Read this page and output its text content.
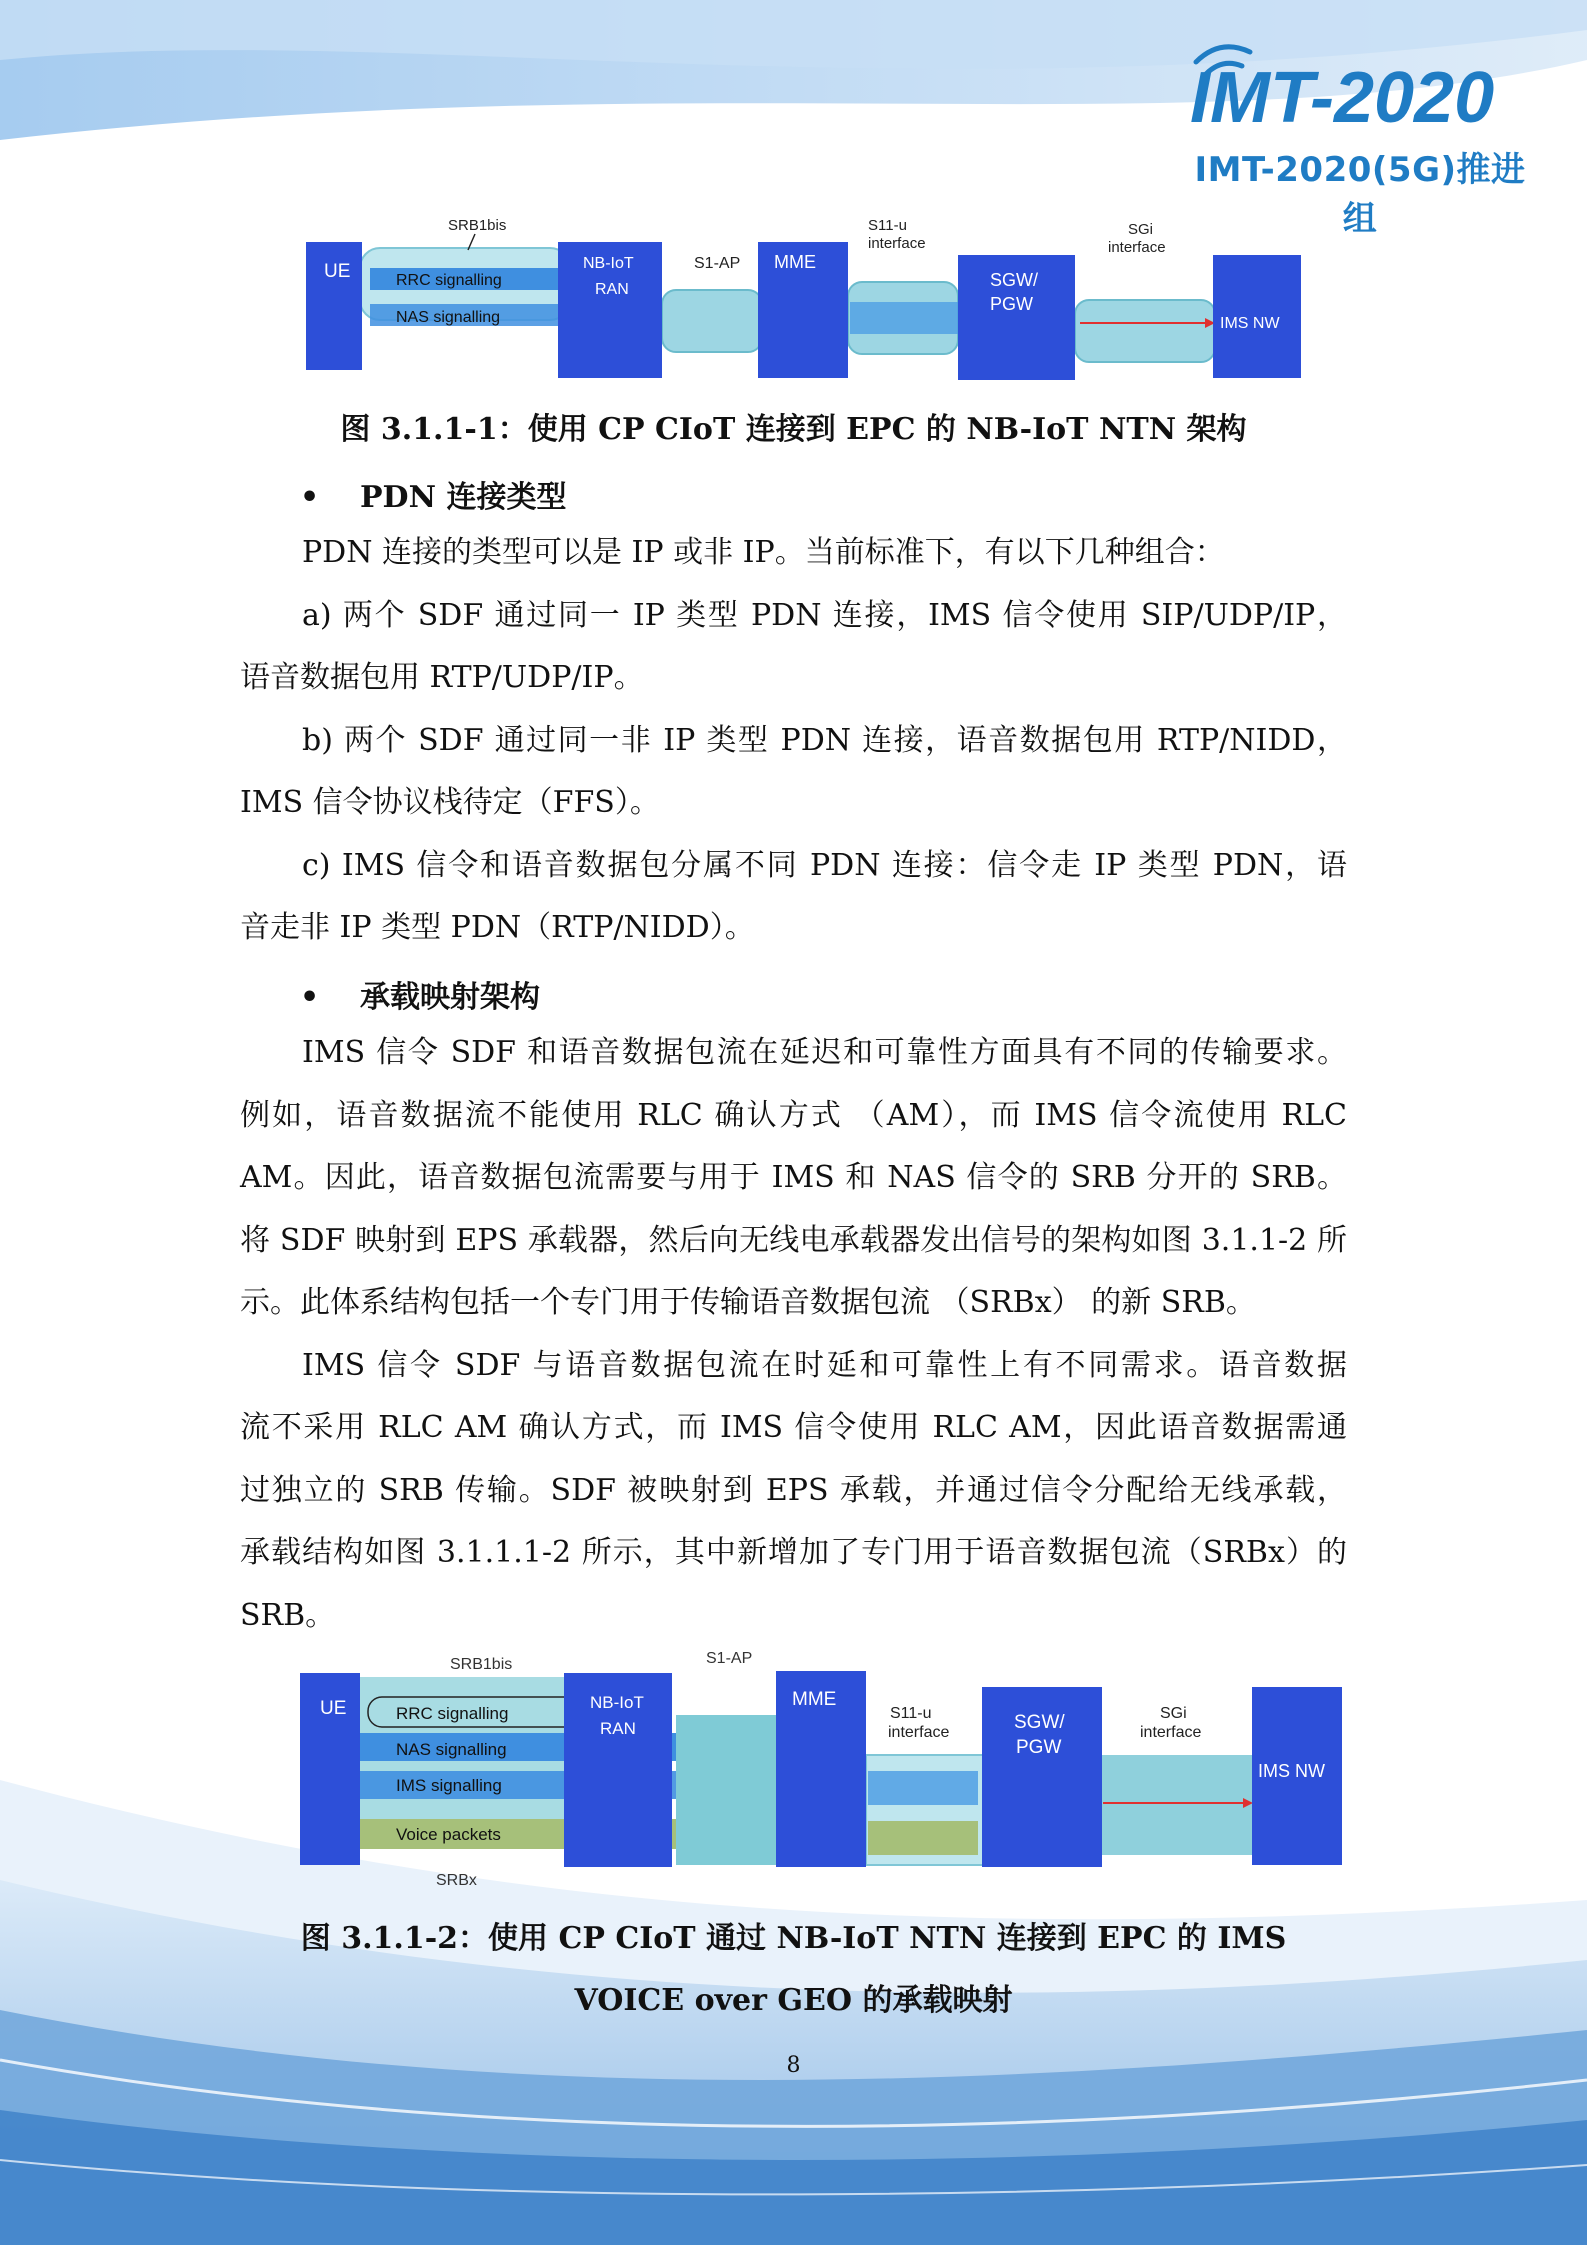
IMT-2020
IMT-2020(5G)推进组
UE	NB-IoT
RAN
MME
SGW/
PGW
IMS NW
SRB1bis
RRC signalling
NAS signalling
S1-AP
S11-u
interface
SGi
interface
图 3.1.1-1：使用 CP CIoT 连接到 EPC 的 NB-IoT NTN 架构
• PDN 连接类型

PDN 连接的类型可以是 IP 或非 IP。当前标准下，有以下几种组合：

a) 两个 SDF 通过同一 IP 类型 PDN 连接，IMS 信令使用 SIP/UDP/IP，

语音数据包用 RTP/UDP/IP。

b) 两个 SDF 通过同一非 IP 类型 PDN 连接，语音数据包用 RTP/NIDD，

IMS 信令协议栈待定（FFS）。

c) IMS 信令和语音数据包分属不同 PDN 连接：信令走 IP 类型 PDN，语

音走非 IP 类型 PDN（RTP/NIDD）。

• 承载映射架构

IMS 信令 SDF 和语音数据包流在延迟和可靠性方面具有不同的传输要求。

例如，语音数据流不能使用 RLC 确认方式 （AM），而 IMS 信令流使用 RLC

AM。因此，语音数据包流需要与用于 IMS 和 NAS 信令的 SRB 分开的 SRB。

将 SDF 映射到 EPS 承载器，然后向无线电承载器发出信号的架构如图 3.1.1-2 所

示。此体系结构包括一个专门用于传输语音数据包流 （SRBx） 的新 SRB。

IMS 信令 SDF 与语音数据包流在时延和可靠性上有不同需求。语音数据

流不采用 RLC AM 确认方式，而 IMS 信令使用 RLC AM，因此语音数据需通

过独立的 SRB 传输。SDF 被映射到 EPS 承载，并通过信令分配给无线承载，

承载结构如图 3.1.1.1-2 所示，其中新增加了专门用于语音数据包流（SRBx）的

SRB。

UE	NB-IoT
RAN
MME
SGW/
PGW
IMS NW
SRB1bis
RRC signalling
NAS signalling
IMS signalling
Voice packets
SRBx
S1-AP
S11-u
interface
SGi
interface
图 3.1.1-2：使用 CP CIoT 通过 NB-IoT NTN 连接到 EPC 的 IMS
VOICE over GEO 的承载映射
8
